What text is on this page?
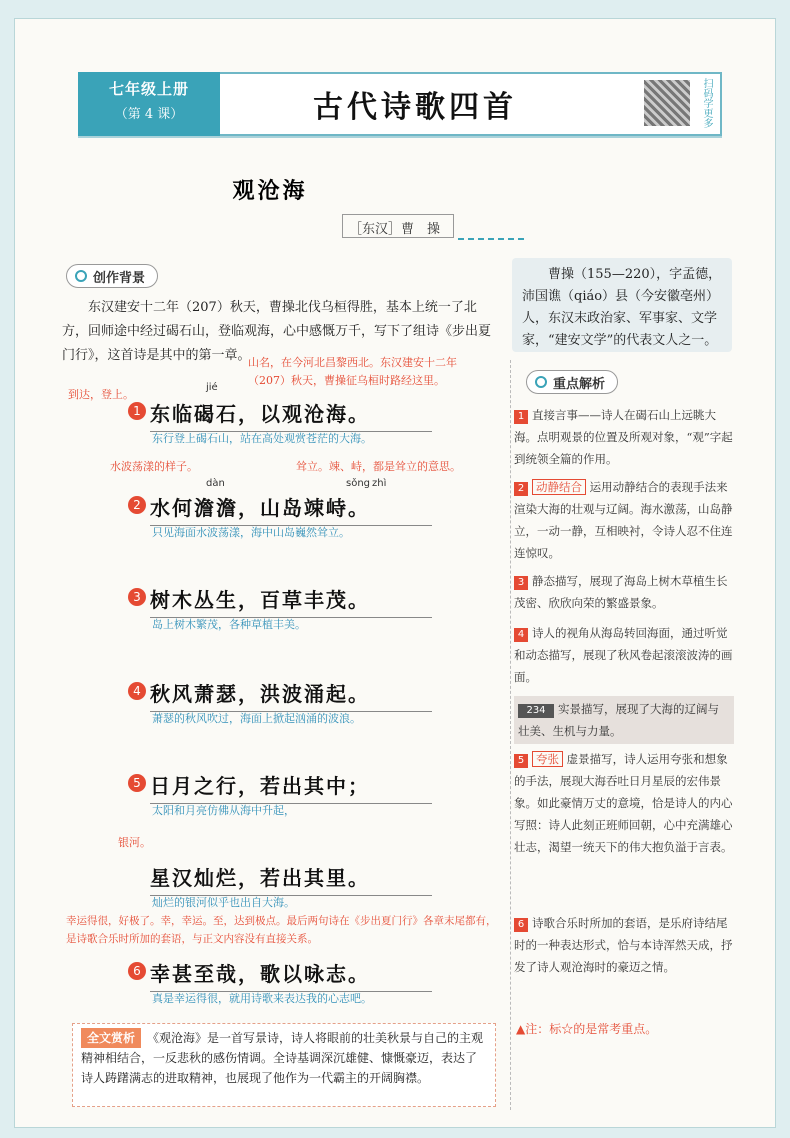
七年级上册
（第 4 课）	古代诗歌四首	扫码学更多
观沧海
［东汉］曹　操
创作背景
东汉建安十二年（207）秋天，曹操北伐乌桓得胜，基本上统一了北方，回师途中经过碣石山，登临观海，心中感慨万千，写下了组诗《步出夏门行》，这首诗是其中的第一章。
到达，登上。
山名，在今河北昌黎西北。东汉建安十二年（207）秋天，曹操征乌桓时路经这里。
jié
1 东临碣石，以观沧海。
东行登上碣石山，站在高处观赏苍茫的大海。
水波荡漾的样子。	耸立。竦、峙，都是耸立的意思。
dàn	sǒng zhì
2 水何澹澹，山岛竦峙。
只见海面水波荡漾，海中山岛巍然耸立。
3 树木丛生，百草丰茂。
岛上树木繁茂，各种草植丰美。
4 秋风萧瑟，洪波涌起。
萧瑟的秋风吹过，海面上掀起汹涌的波浪。
5 日月之行，若出其中；
太阳和月亮仿佛从海中升起，
银河。
星汉灿烂，若出其里。
灿烂的银河似乎也出自大海。
幸运得很，好极了。幸，幸运。至，达到极点。最后两句诗在《步出夏门行》各章末尾都有，是诗歌合乐时所加的套语，与正文内容没有直接关系。
6 幸甚至哉，歌以咏志。
真是幸运得很，就用诗歌来表达我的心志吧。
全文赏析 《观沧海》是一首写景诗，诗人将眼前的壮美秋景与自己的主观精神相结合，一反悲秋的感伤情调。全诗基调深沉雄健、慷慨豪迈，表达了诗人踌躇满志的进取精神，也展现了他作为一代霸主的开阔胸襟。
曹操（155—220），字孟德，沛国谯（qiáo）县（今安徽亳州）人，东汉末政治家、军事家、文学家，“建安文学”的代表文人之一。
重点解析
1 直接言事——诗人在碣石山上远眺大海。点明观景的位置及所观对象，“观”字起到统领全篇的作用。
2 动静结合 运用动静结合的表现手法来渲染大海的壮观与辽阔。海水激荡，山岛静立，一动一静，互相映衬，令诗人忍不住连连惊叹。
3 静态描写，展现了海岛上树木草植生长茂密、欣欣向荣的繁盛景象。
4 诗人的视角从海岛转回海面，通过听觉和动态描写，展现了秋风卷起滚滚波涛的画面。
234 实景描写，展现了大海的辽阔与壮美、生机与力量。
5 夸张 虚景描写，诗人运用夸张和想象的手法，展现大海吞吐日月星辰的宏伟景象。如此豪情万丈的意境，恰是诗人的内心写照：诗人此刻正班师回朝，心中充满雄心壮志，渴望一统天下的伟大抱负溢于言表。
6 诗歌合乐时所加的套语，是乐府诗结尾时的一种表达形式，恰与本诗浑然天成，抒发了诗人观沧海时的豪迈之情。
▲注：标☆的是常考重点。
